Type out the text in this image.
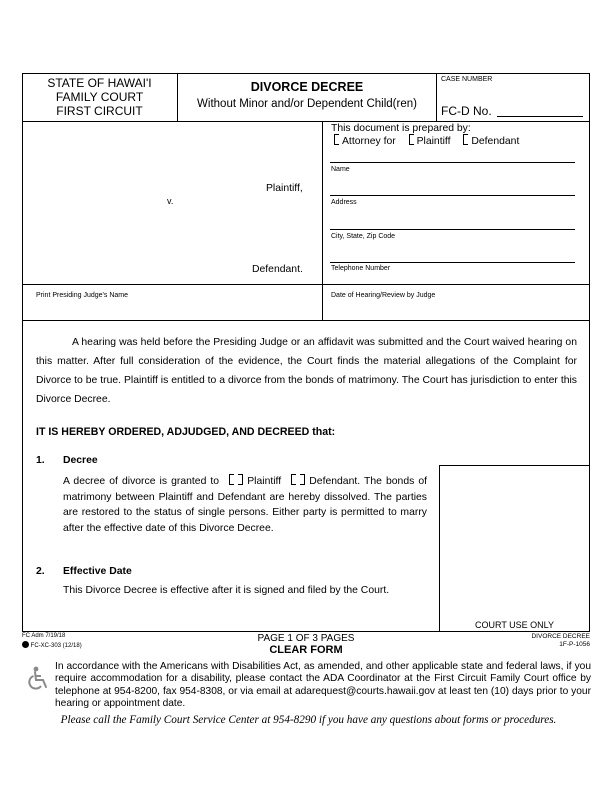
STATE OF HAWAI'I
FAMILY COURT
FIRST CIRCUIT
DIVORCE DECREE
Without Minor and/or Dependent Child(ren)
CASE NUMBER
FC-D No.
Plaintiff,
v.
Defendant.
This document is prepared by:
Attorney for Plaintiff Defendant
Name
Address
City, State, Zip Code
Telephone Number
Print Presiding Judge's Name	Date of Hearing/Review by Judge
A hearing was held before the Presiding Judge or an affidavit was submitted and the Court waived hearing on this matter. After full consideration of the evidence, the Court finds the material allegations of the Complaint for Divorce to be true. Plaintiff is entitled to a divorce from the bonds of matrimony. The Court has jurisdiction to enter this Divorce Decree.
IT IS HEREBY ORDERED, ADJUDGED, AND DECREED that:
1. Decree
A decree of divorce is granted to	Plaintiff	Defendant. The bonds of matrimony between Plaintiff and Defendant are hereby dissolved. The parties are restored to the status of single persons. Either party is permitted to marry after the effective date of this Divorce Decree.
2. Effective Date
This Divorce Decree is effective after it is signed and filed by the Court.
COURT USE ONLY
FC Adm 7/19/18
FC-XC-303 (12/18)
PAGE 1 OF 3 PAGES
CLEAR FORM
DIVORCE DECREE
1F-P-1056
In accordance with the Americans with Disabilities Act, as amended, and other applicable state and federal laws, if you require accommodation for a disability, please contact the ADA Coordinator at the First Circuit Family Court office by telephone at 954-8200, fax 954-8308, or via email at adarequest@courts.hawaii.gov at least ten (10) days prior to your hearing or appointment date.
Please call the Family Court Service Center at 954-8290 if you have any questions about forms or procedures.
